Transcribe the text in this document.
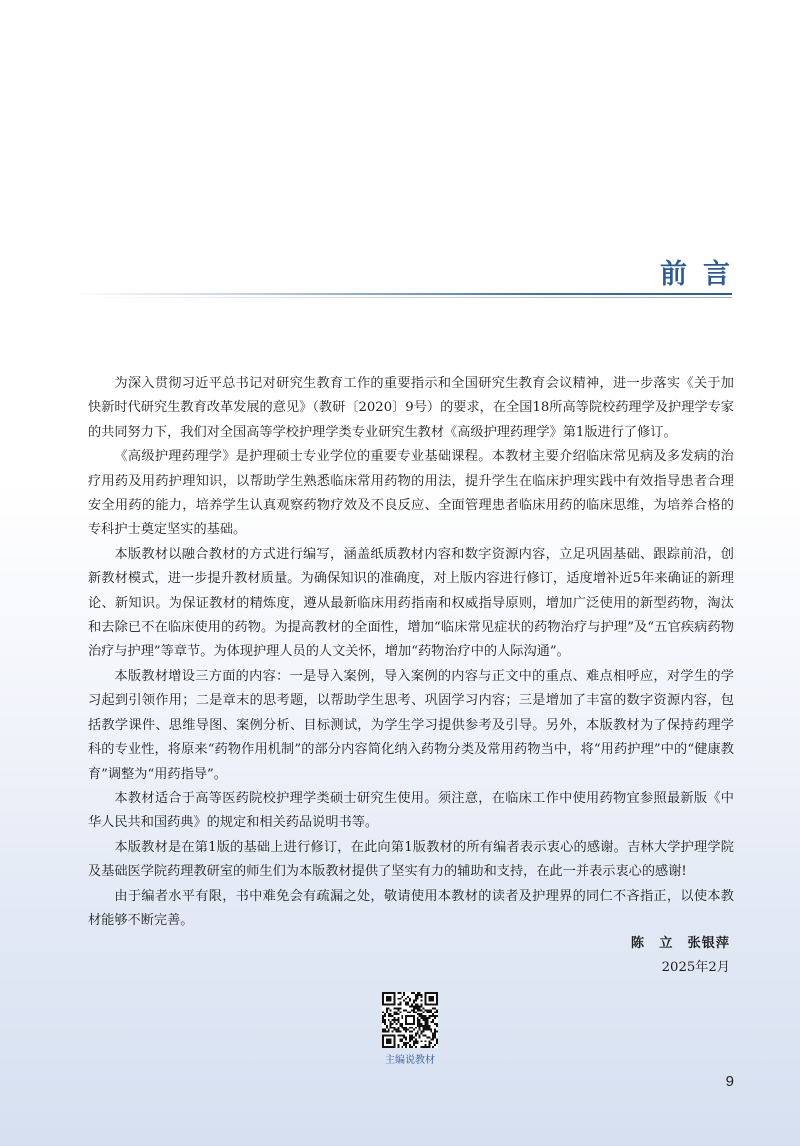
前言

为深入贯彻习近平总书记对研究生教育工作的重要指示和全国研究生教育会议精神，进一步落实《关于加快新时代研究生教育改革发展的意见》（教研〔2020〕9号）的要求，在全国18所高等院校药理学及护理学专家的共同努力下，我们对全国高等学校护理学类专业研究生教材《高级护理药理学》第1版进行了修订。

《高级护理药理学》是护理硕士专业学位的重要专业基础课程。本教材主要介绍临床常见病及多发病的治疗用药及用药护理知识，以帮助学生熟悉临床常用药物的用法，提升学生在临床护理实践中有效指导患者合理安全用药的能力，培养学生认真观察药物疗效及不良反应、全面管理患者临床用药的临床思维，为培养合格的专科护士奠定坚实的基础。

本版教材以融合教材的方式进行编写，涵盖纸质教材内容和数字资源内容，立足巩固基础、跟踪前沿，创新教材模式，进一步提升教材质量。为确保知识的准确度，对上版内容进行修订，适度增补近5年来确证的新理论、新知识。为保证教材的精炼度，遵从最新临床用药指南和权威指导原则，增加广泛使用的新型药物，淘汰和去除已不在临床使用的药物。为提高教材的全面性，增加“临床常见症状的药物治疗与护理”及“五官疾病药物治疗与护理”等章节。为体现护理人员的人文关怀，增加“药物治疗中的人际沟通”。

本版教材增设三方面的内容：一是导入案例，导入案例的内容与正文中的重点、难点相呼应，对学生的学习起到引领作用；二是章末的思考题，以帮助学生思考、巩固学习内容；三是增加了丰富的数字资源内容，包括教学课件、思维导图、案例分析、目标测试，为学生学习提供参考及引导。另外，本版教材为了保持药理学科的专业性，将原来“药物作用机制”的部分内容简化纳入药物分类及常用药物当中，将“用药护理”中的“健康教育”调整为“用药指导”。

本教材适合于高等医药院校护理学类硕士研究生使用。须注意，在临床工作中使用药物宜参照最新版《中华人民共和国药典》的规定和相关药品说明书等。

本版教材是在第1版的基础上进行修订，在此向第1版教材的所有编者表示衷心的感谢。吉林大学护理学院及基础医学院药理教研室的师生们为本版教材提供了坚实有力的辅助和支持，在此一并表示衷心的感谢!

由于编者水平有限，书中难免会有疏漏之处，敬请使用本教材的读者及护理界的同仁不吝指正，以使本教材能够不断完善。

陈　立 张银萍
2025年2月
主编说教材
9
